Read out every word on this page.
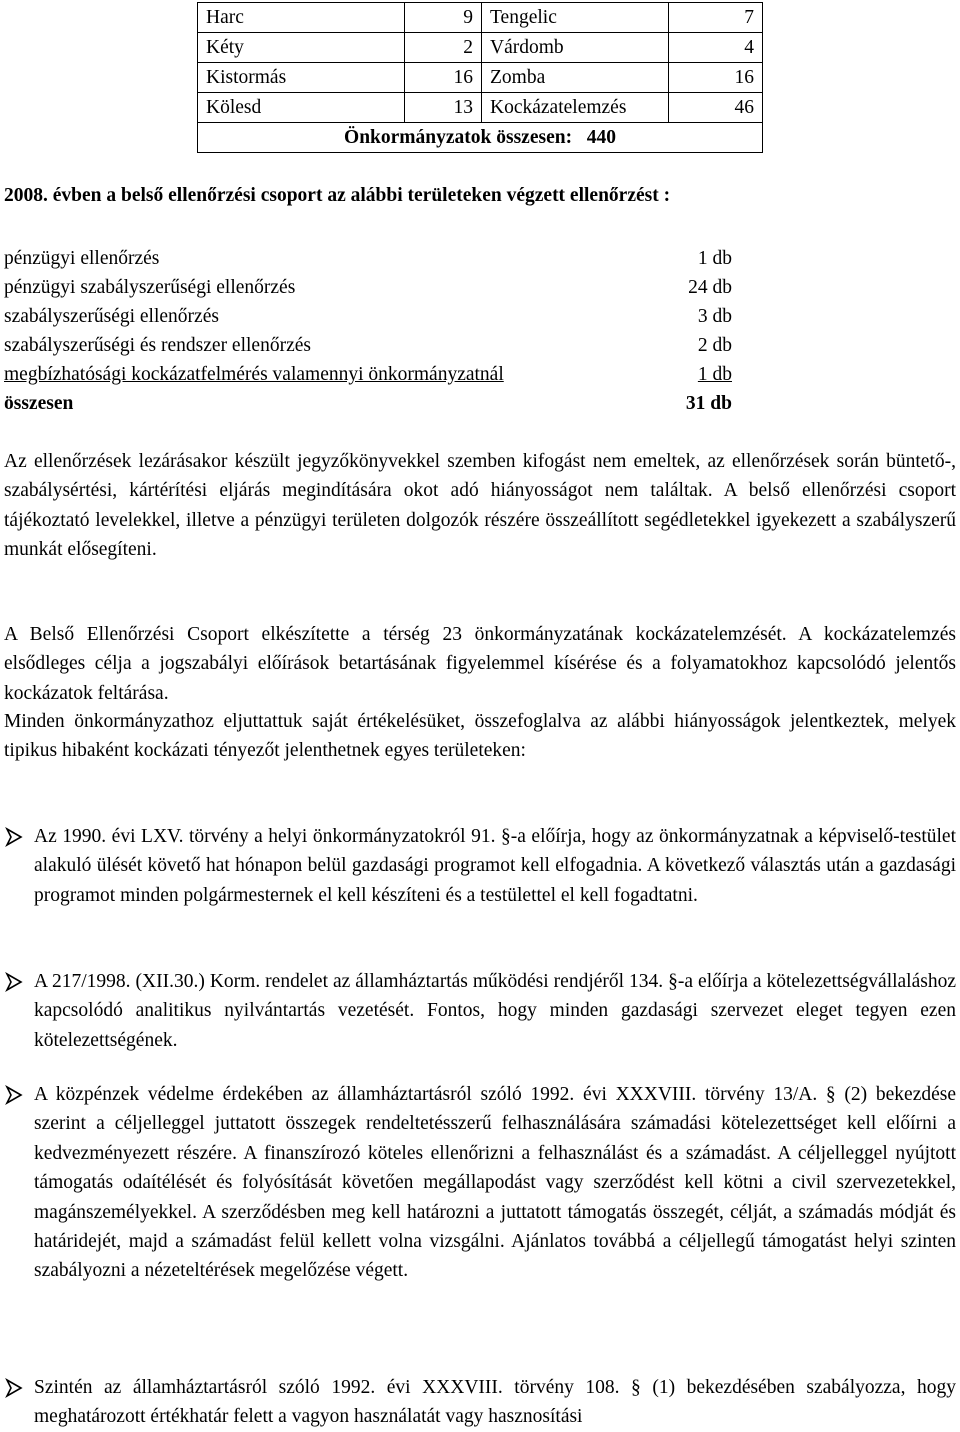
Harc	9	Tengelic	7
Kéty	2	Várdomb	4
Kistormás	16	Zomba	16
Kölesd	13	Kockázatelemzés	46
Önkormányzatok összesen:   440			
2008. évben a belső ellenőrzési csoport az alábbi területeken végzett ellenőrzést :
pénzügyi ellenőrzés	1 db
pénzügyi szabályszerűségi ellenőrzés	24 db
szabályszerűségi ellenőrzés	3 db
szabályszerűségi és rendszer ellenőrzés	2 db
megbízhatósági kockázatfelmérés valamennyi önkormányzatnál	1 db
összesen	31 db

Az ellenőrzések lezárásakor készült jegyzőkönyvekkel szemben kifogást nem emeltek, az ellenőrzések során büntető-, szabálysértési, kártérítési eljárás megindítására okot adó hiányosságot nem találtak. A belső ellenőrzési csoport tájékoztató levelekkel, illetve a pénzügyi területen dolgozók részére összeállított segédletekkel igyekezett a szabályszerű munkát elősegíteni.

A Belső Ellenőrzési Csoport elkészítette a térség 23 önkormányzatának kockázatelemzését. A kockázatelemzés elsődleges célja a jogszabályi előírások betartásának figyelemmel kísérése és a folyamatokhoz kapcsolódó jelentős kockázatok feltárása.

Minden önkormányzathoz eljuttattuk saját értékelésüket, összefoglalva az alábbi hiányosságok jelentkeztek, melyek tipikus hibaként kockázati tényezőt jelenthetnek egyes területeken:

Az 1990. évi LXV. törvény a helyi önkormányzatokról 91. §-a előírja, hogy az önkormányzatnak a képviselő-testület alakuló ülését követő hat hónapon belül gazdasági programot kell elfogadnia. A következő választás után a gazdasági programot minden polgármesternek el kell készíteni és a testülettel el kell fogadtatni.
A 217/1998. (XII.30.) Korm. rendelet az államháztartás működési rendjéről 134. §-a előírja a kötelezettségvállaláshoz kapcsolódó analitikus nyilvántartás vezetését. Fontos, hogy minden gazdasági szervezet eleget tegyen ezen kötelezettségének.
A közpénzek védelme érdekében az államháztartásról szóló 1992. évi XXXVIII. törvény 13/A. § (2) bekezdése szerint a céljelleggel juttatott összegek rendeltetésszerű felhasználására számadási kötelezettséget kell előírni a kedvezményezett részére. A finanszírozó köteles ellenőrizni a felhasználást és a számadást. A céljelleggel nyújtott támogatás odaítélését és folyósítását követően megállapodást vagy szerződést kell kötni a civil szervezetekkel, magánszemélyekkel. A szerződésben meg kell határozni a juttatott támogatás összegét, célját, a számadás módját és határidejét, majd a számadást felül kellett volna vizsgálni. Ajánlatos továbbá a céljellegű támogatást helyi szinten szabályozni a nézeteltérések megelőzése végett.
Szintén az államháztartásról szóló 1992. évi XXXVIII. törvény 108. § (1) bekezdésében szabályozza, hogy meghatározott értékhatár felett a vagyon használatát vagy hasznosítási
